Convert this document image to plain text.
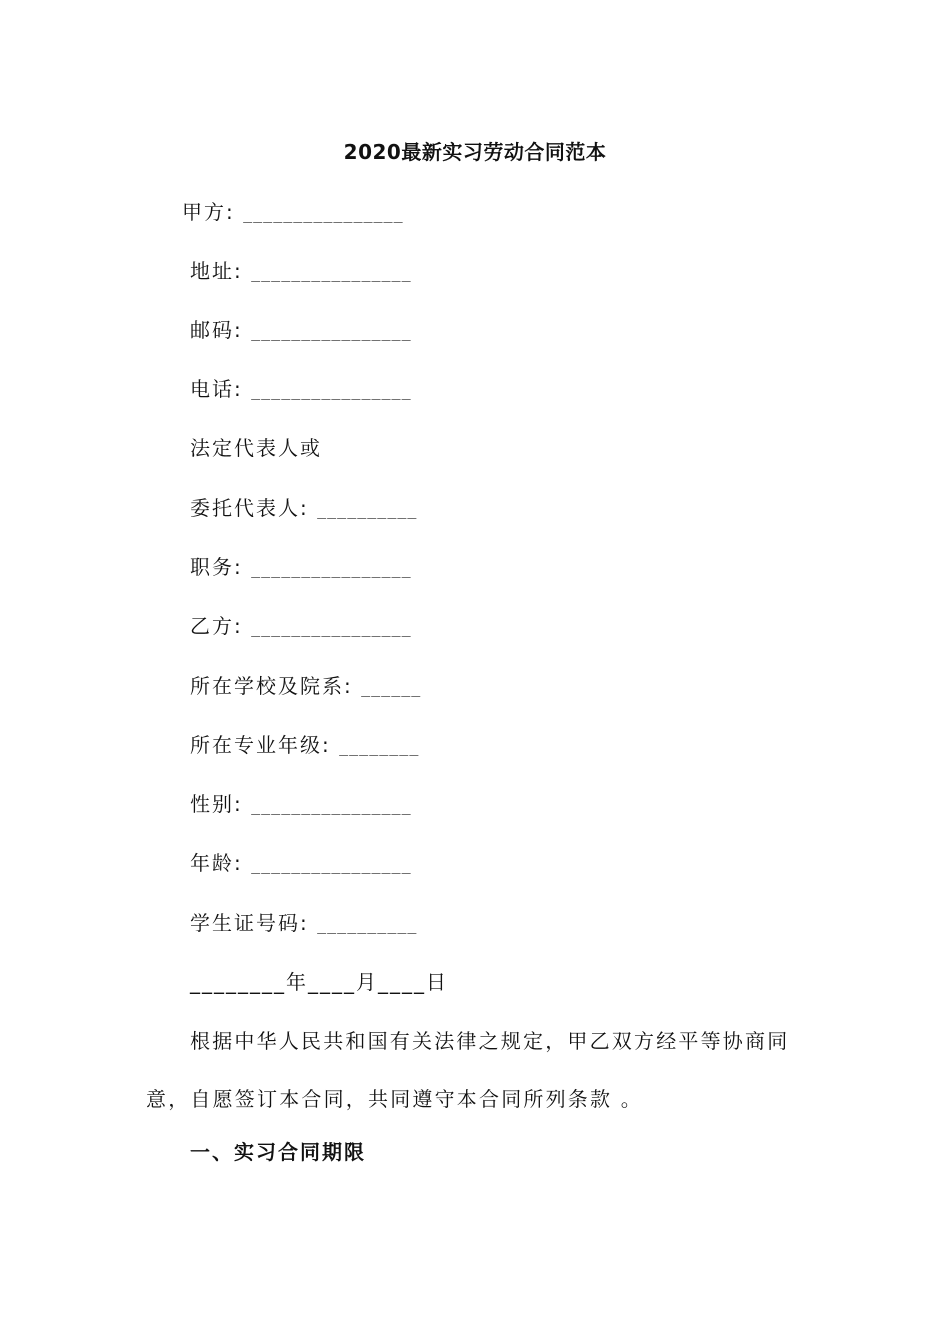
2020最新实习劳动合同范本
甲方: ________________
地址: ________________
邮码: ________________
电话: ________________
法定代表人或
委托代表人: __________
职务: ________________
乙方: ________________
所在学校及院系: ______
所在专业年级: ________
性别: ________________
年龄: ________________
学生证号码: __________
________年____月____日
根据中华人民共和国有关法律之规定，甲乙双方经平等协商同意，自愿签订本合同，共同遵守本合同所列条款 。
一、实习合同期限
